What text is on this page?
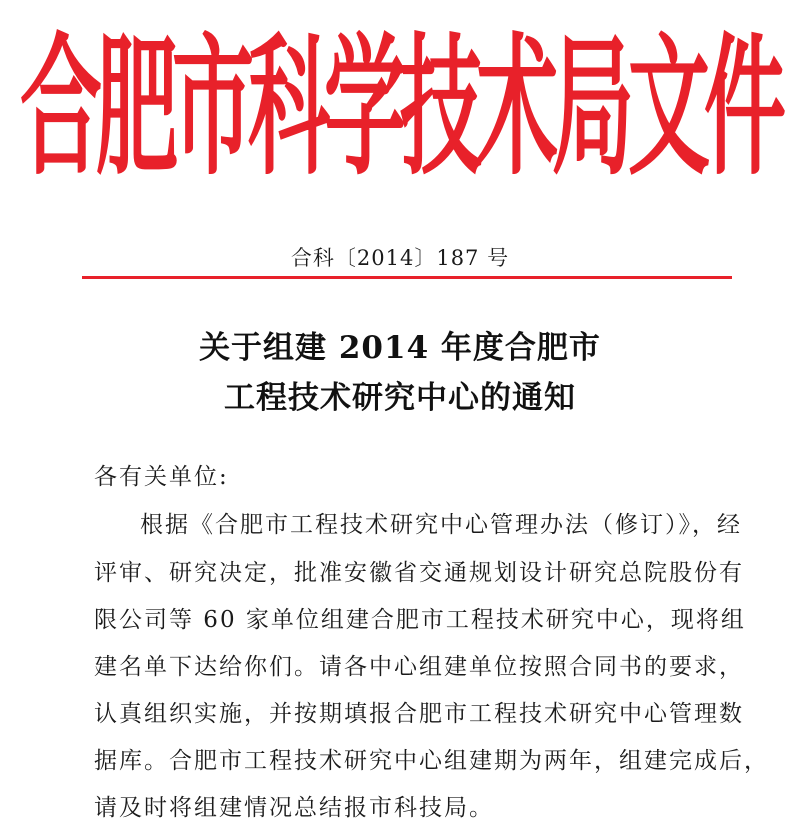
合肥市科学技术局文件
合科〔2014〕187 号
关于组建 2014 年度合肥市
工程技术研究中心的通知
各有关单位:
根据《合肥市工程技术研究中心管理办法（修订）》，经
评审、研究决定，批准安徽省交通规划设计研究总院股份有
限公司等 60 家单位组建合肥市工程技术研究中心，现将组
建名单下达给你们。请各中心组建单位按照合同书的要求，
认真组织实施，并按期填报合肥市工程技术研究中心管理数
据库。合肥市工程技术研究中心组建期为两年，组建完成后，
请及时将组建情况总结报市科技局。
